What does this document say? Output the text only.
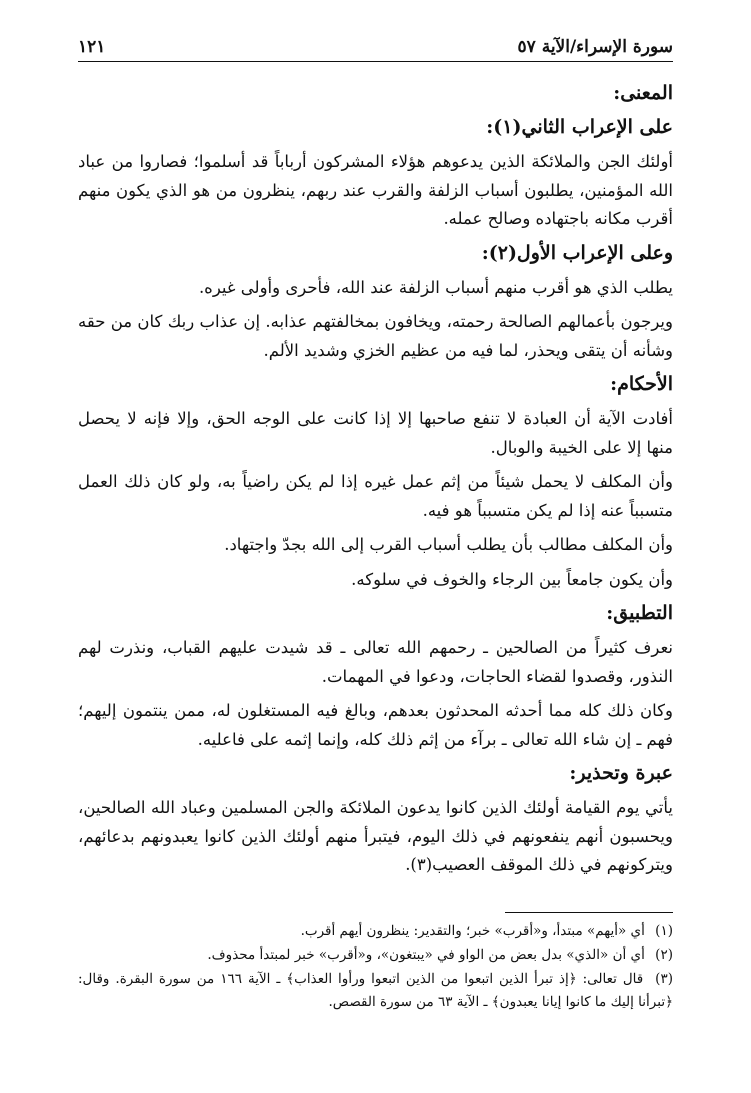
سورة الإسراء/الآية ٥٧
١٢١
المعنى:
على الإعراب الثاني(١):

أولئك الجن والملائكة الذين يدعوهم هؤلاء المشركون أرباباً قد أسلموا؛ فصاروا من عباد الله المؤمنين، يطلبون أسباب الزلفة والقرب عند ربهم، ينظرون من هو الذي يكون منهم أقرب مكانه باجتهاده وصالح عمله.

وعلى الإعراب الأول(٢):

يطلب الذي هو أقرب منهم أسباب الزلفة عند الله، فأحرى وأولى غيره.

ويرجون بأعمالهم الصالحة رحمته، ويخافون بمخالفتهم عذابه. إن عذاب ربك كان من حقه وشأنه أن يتقى ويحذر، لما فيه من عظيم الخزي وشديد الألم.

الأحكام:

أفادت الآية أن العبادة لا تنفع صاحبها إلا إذا كانت على الوجه الحق، وإلا فإنه لا يحصل منها إلا على الخيبة والوبال.

وأن المكلف لا يحمل شيئاً من إثم عمل غيره إذا لم يكن راضياً به، ولو كان ذلك العمل متسبباً عنه إذا لم يكن متسبباً هو فيه.

وأن المكلف مطالب بأن يطلب أسباب القرب إلى الله بجدّ واجتهاد.

وأن يكون جامعاً بين الرجاء والخوف في سلوكه.

التطبيق:

نعرف كثيراً من الصالحين ـ رحمهم الله تعالى ـ قد شيدت عليهم القباب، ونذرت لهم النذور، وقصدوا لقضاء الحاجات، ودعوا في المهمات.

وكان ذلك كله مما أحدثه المحدثون بعدهم، وبالغ فيه المستغلون له، ممن ينتمون إليهم؛ فهم ـ إن شاء الله تعالى ـ برآء من إثم ذلك كله، وإنما إثمه على فاعليه.

عبرة وتحذير:

يأتي يوم القيامة أولئك الذين كانوا يدعون الملائكة والجن المسلمين وعباد الله الصالحين، ويحسبون أنهم ينفعونهم في ذلك اليوم، فيتبرأ منهم أولئك الذين كانوا يعبدونهم بدعائهم، ويتركونهم في ذلك الموقف العصيب(٣).

(١) أي «أيهم» مبتدأ، و«أقرب» خبر؛ والتقدير: ينظرون أيهم أقرب.
(٢) أي أن «الذي» بدل بعض من الواو في «يبتغون»، و«أقرب» خبر لمبتدأ محذوف.
(٣) قال تعالى: ﴿إذ تبرأ الذين اتبعوا من الذين اتبعوا ورأوا العذاب﴾ ـ الآية ١٦٦ من سورة البقرة. وقال: ﴿تبرأنا إليك ما كانوا إيانا يعبدون﴾ ـ الآية ٦٣ من سورة القصص.
